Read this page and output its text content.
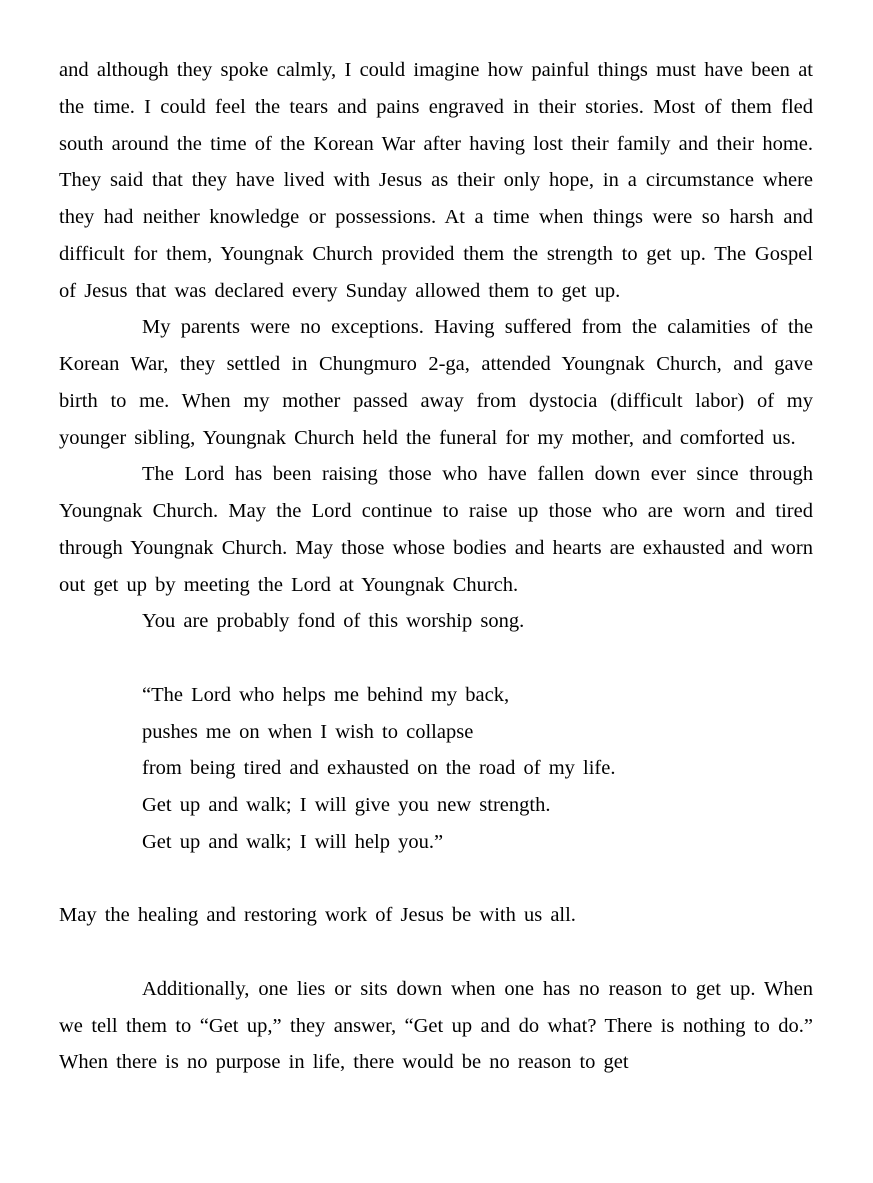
and although they spoke calmly, I could imagine how painful things must have been at the time. I could feel the tears and pains engraved in their stories. Most of them fled south around the time of the Korean War after having lost their family and their home. They said that they have lived with Jesus as their only hope, in a circumstance where they had neither knowledge or possessions. At a time when things were so harsh and difficult for them, Youngnak Church provided them the strength to get up. The Gospel of Jesus that was declared every Sunday allowed them to get up.

My parents were no exceptions. Having suffered from the calamities of the Korean War, they settled in Chungmuro 2-ga, attended Youngnak Church, and gave birth to me. When my mother passed away from dystocia (difficult labor) of my younger sibling, Youngnak Church held the funeral for my mother, and comforted us.

The Lord has been raising those who have fallen down ever since through Youngnak Church. May the Lord continue to raise up those who are worn and tired through Youngnak Church. May those whose bodies and hearts are exhausted and worn out get up by meeting the Lord at Youngnak Church.

You are probably fond of this worship song.

“The Lord who helps me behind my back,
pushes me on when I wish to collapse
from being tired and exhausted on the road of my life.
Get up and walk; I will give you new strength.
Get up and walk; I will help you.”

May the healing and restoring work of Jesus be with us all.

Additionally, one lies or sits down when one has no reason to get up. When we tell them to “Get up,” they answer, “Get up and do what? There is nothing to do.” When there is no purpose in life, there would be no reason to get
